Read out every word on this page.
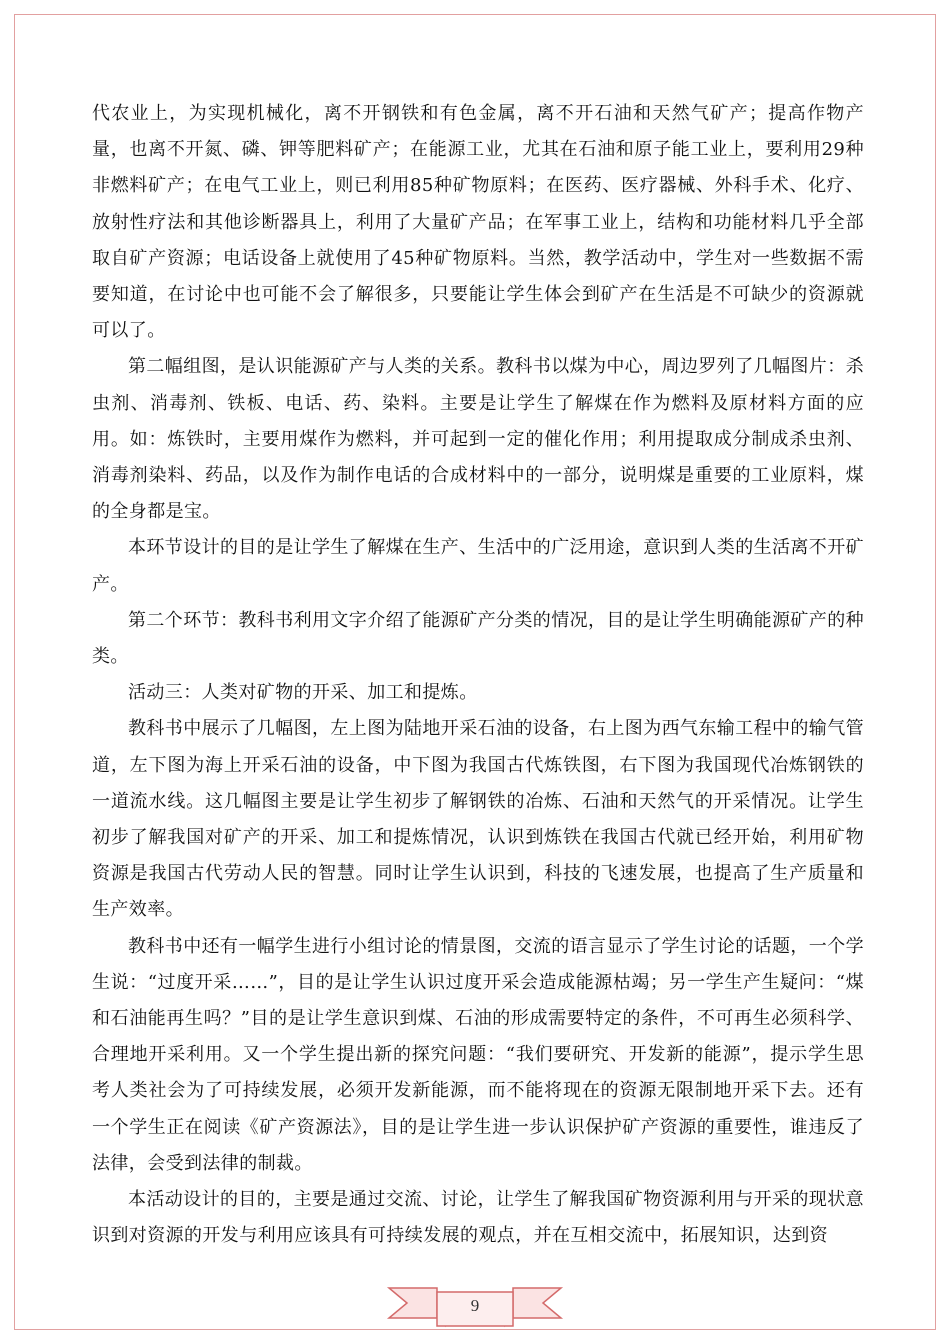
代农业上，为实现机械化，离不开钢铁和有色金属，离不开石油和天然气矿产；提高作物产量，也离不开氮、磷、钾等肥料矿产；在能源工业，尤其在石油和原子能工业上，要利用29种非燃料矿产；在电气工业上，则已利用85种矿物原料；在医药、医疗器械、外科手术、化疗、放射性疗法和其他诊断器具上，利用了大量矿产品；在军事工业上，结构和功能材料几乎全部取自矿产资源；电话设备上就使用了45种矿物原料。当然，教学活动中，学生对一些数据不需要知道，在讨论中也可能不会了解很多，只要能让学生体会到矿产在生活是不可缺少的资源就可以了。

第二幅组图，是认识能源矿产与人类的关系。教科书以煤为中心，周边罗列了几幅图片：杀虫剂、消毒剂、铁板、电话、药、染料。主要是让学生了解煤在作为燃料及原材料方面的应用。如：炼铁时，主要用煤作为燃料，并可起到一定的催化作用；利用提取成分制成杀虫剂、消毒剂染料、药品，以及作为制作电话的合成材料中的一部分，说明煤是重要的工业原料，煤的全身都是宝。

本环节设计的目的是让学生了解煤在生产、生活中的广泛用途，意识到人类的生活离不开矿产。

第二个环节：教科书利用文字介绍了能源矿产分类的情况，目的是让学生明确能源矿产的种类。

活动三：人类对矿物的开采、加工和提炼。

教科书中展示了几幅图，左上图为陆地开采石油的设备，右上图为西气东输工程中的输气管道，左下图为海上开采石油的设备，中下图为我国古代炼铁图，右下图为我国现代冶炼钢铁的一道流水线。这几幅图主要是让学生初步了解钢铁的冶炼、石油和天然气的开采情况。让学生初步了解我国对矿产的开采、加工和提炼情况，认识到炼铁在我国古代就已经开始，利用矿物资源是我国古代劳动人民的智慧。同时让学生认识到，科技的飞速发展，也提高了生产质量和生产效率。

教科书中还有一幅学生进行小组讨论的情景图，交流的语言显示了学生讨论的话题，一个学生说：“过度开采……”，目的是让学生认识过度开采会造成能源枯竭；另一学生产生疑问：“煤和石油能再生吗？”目的是让学生意识到煤、石油的形成需要特定的条件，不可再生必须科学、合理地开采利用。又一个学生提出新的探究问题：“我们要研究、开发新的能源”，提示学生思考人类社会为了可持续发展，必须开发新能源，而不能将现在的资源无限制地开采下去。还有一个学生正在阅读《矿产资源法》，目的是让学生进一步认识保护矿产资源的重要性，谁违反了法律，会受到法律的制裁。

本活动设计的目的，主要是通过交流、讨论，让学生了解我国矿物资源利用与开采的现状意识到对资源的开发与利用应该具有可持续发展的观点，并在互相交流中，拓展知识，达到资

9
